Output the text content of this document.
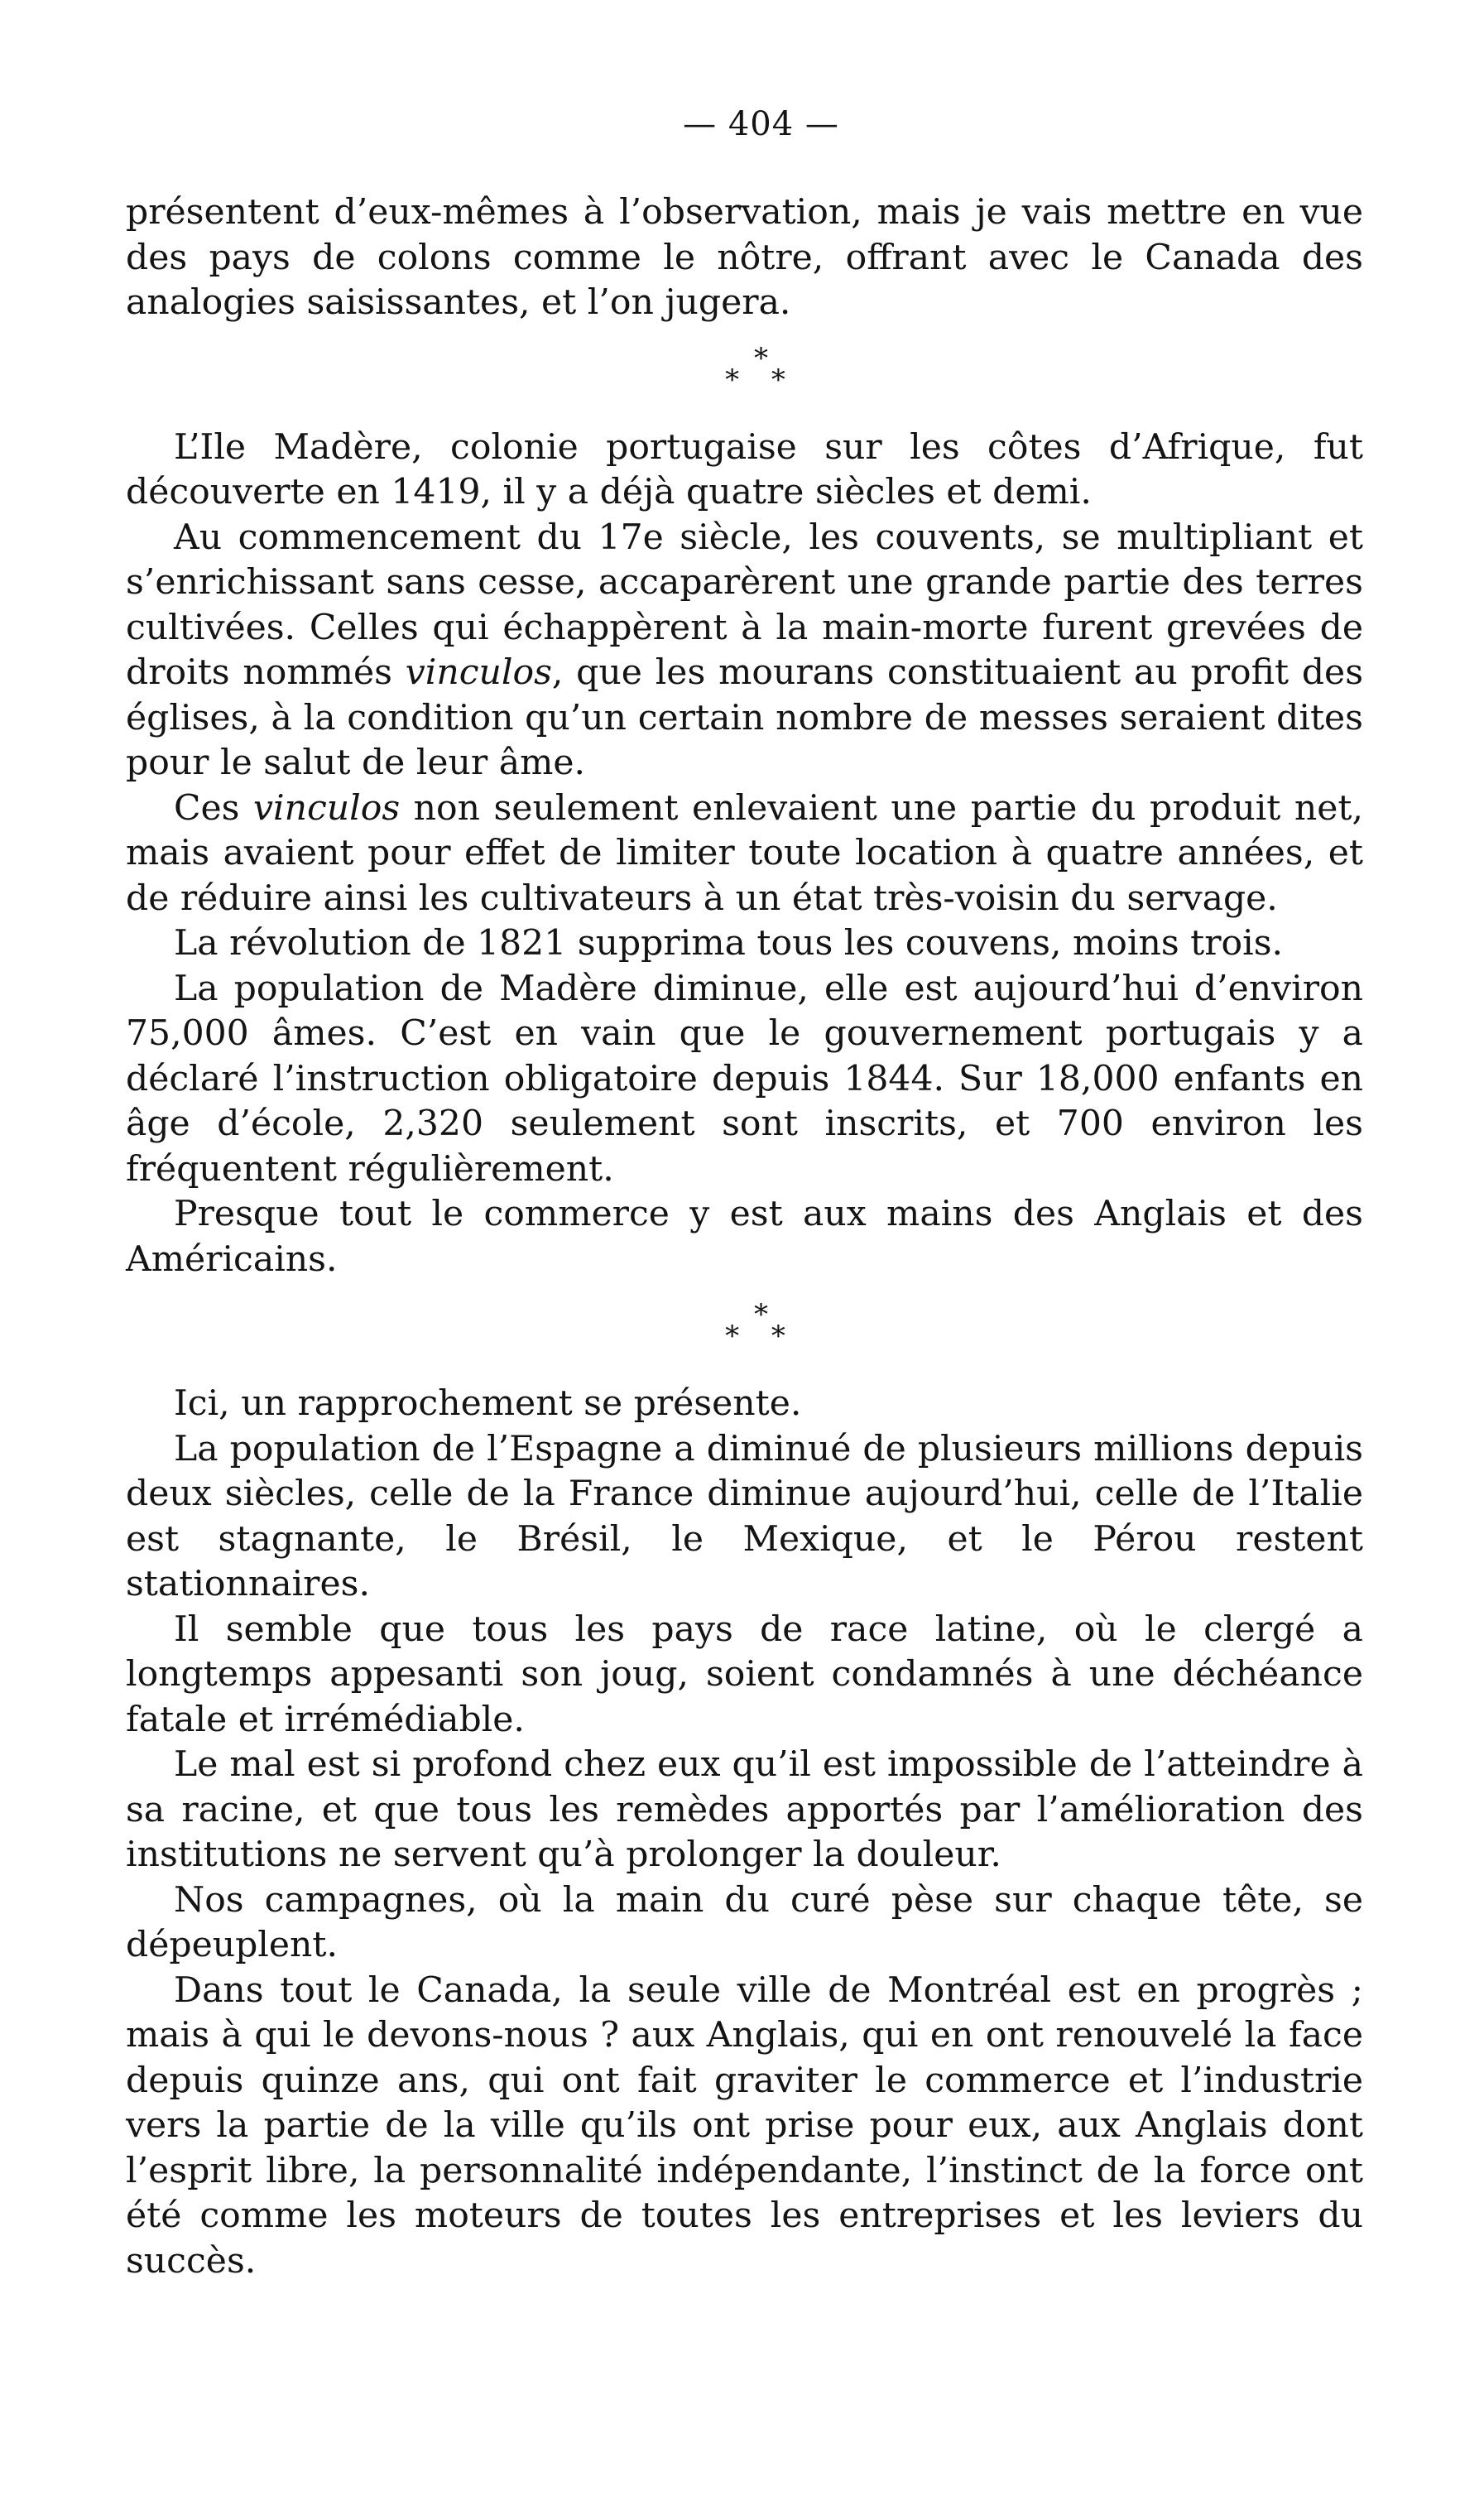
— 404 —

présentent d’eux-mêmes à l’observation, mais je vais mettre en vue des pays de colons comme le nôtre, offrant avec le Canada des analogies saisissantes, et l’on jugera.

*
* *

L’Ile Madère, colonie portugaise sur les côtes d’Afrique, fut découverte en 1419, il y a déjà quatre siècles et demi.

Au commencement du 17e siècle, les couvents, se multipliant et s’enrichissant sans cesse, accaparèrent une grande partie des terres cultivées. Celles qui échappèrent à la main-morte furent grevées de droits nommés vinculos, que les mourans constituaient au profit des églises, à la condition qu’un certain nombre de messes seraient dites pour le salut de leur âme.

Ces vinculos non seulement enlevaient une partie du produit net, mais avaient pour effet de limiter toute location à quatre années, et de réduire ainsi les cultivateurs à un état très-voisin du servage.

La révolution de 1821 supprima tous les couvens, moins trois.

La population de Madère diminue, elle est aujourd’hui d’environ 75,000 âmes. C’est en vain que le gouvernement portugais y a déclaré l’instruction obligatoire depuis 1844. Sur 18,000 enfants en âge d’école, 2,320 seulement sont inscrits, et 700 environ les fréquentent régulièrement.

Presque tout le commerce y est aux mains des Anglais et des Américains.

*
* *

Ici, un rapprochement se présente.

La population de l’Espagne a diminué de plusieurs millions depuis deux siècles, celle de la France diminue aujourd’hui, celle de l’Italie est stagnante, le Brésil, le Mexique, et le Pérou restent stationnaires.

Il semble que tous les pays de race latine, où le clergé a longtemps appesanti son joug, soient condamnés à une déchéance fatale et irrémédiable.

Le mal est si profond chez eux qu’il est impossible de l’atteindre à sa racine, et que tous les remèdes apportés par l’amélioration des institutions ne servent qu’à prolonger la douleur.

Nos campagnes, où la main du curé pèse sur chaque tête, se dépeuplent.

Dans tout le Canada, la seule ville de Montréal est en progrès ; mais à qui le devons-nous ? aux Anglais, qui en ont renouvelé la face depuis quinze ans, qui ont fait graviter le commerce et l’industrie vers la partie de la ville qu’ils ont prise pour eux, aux Anglais dont l’esprit libre, la personnalité indépendante, l’instinct de la force ont été comme les moteurs de toutes les entreprises et les leviers du succès.
